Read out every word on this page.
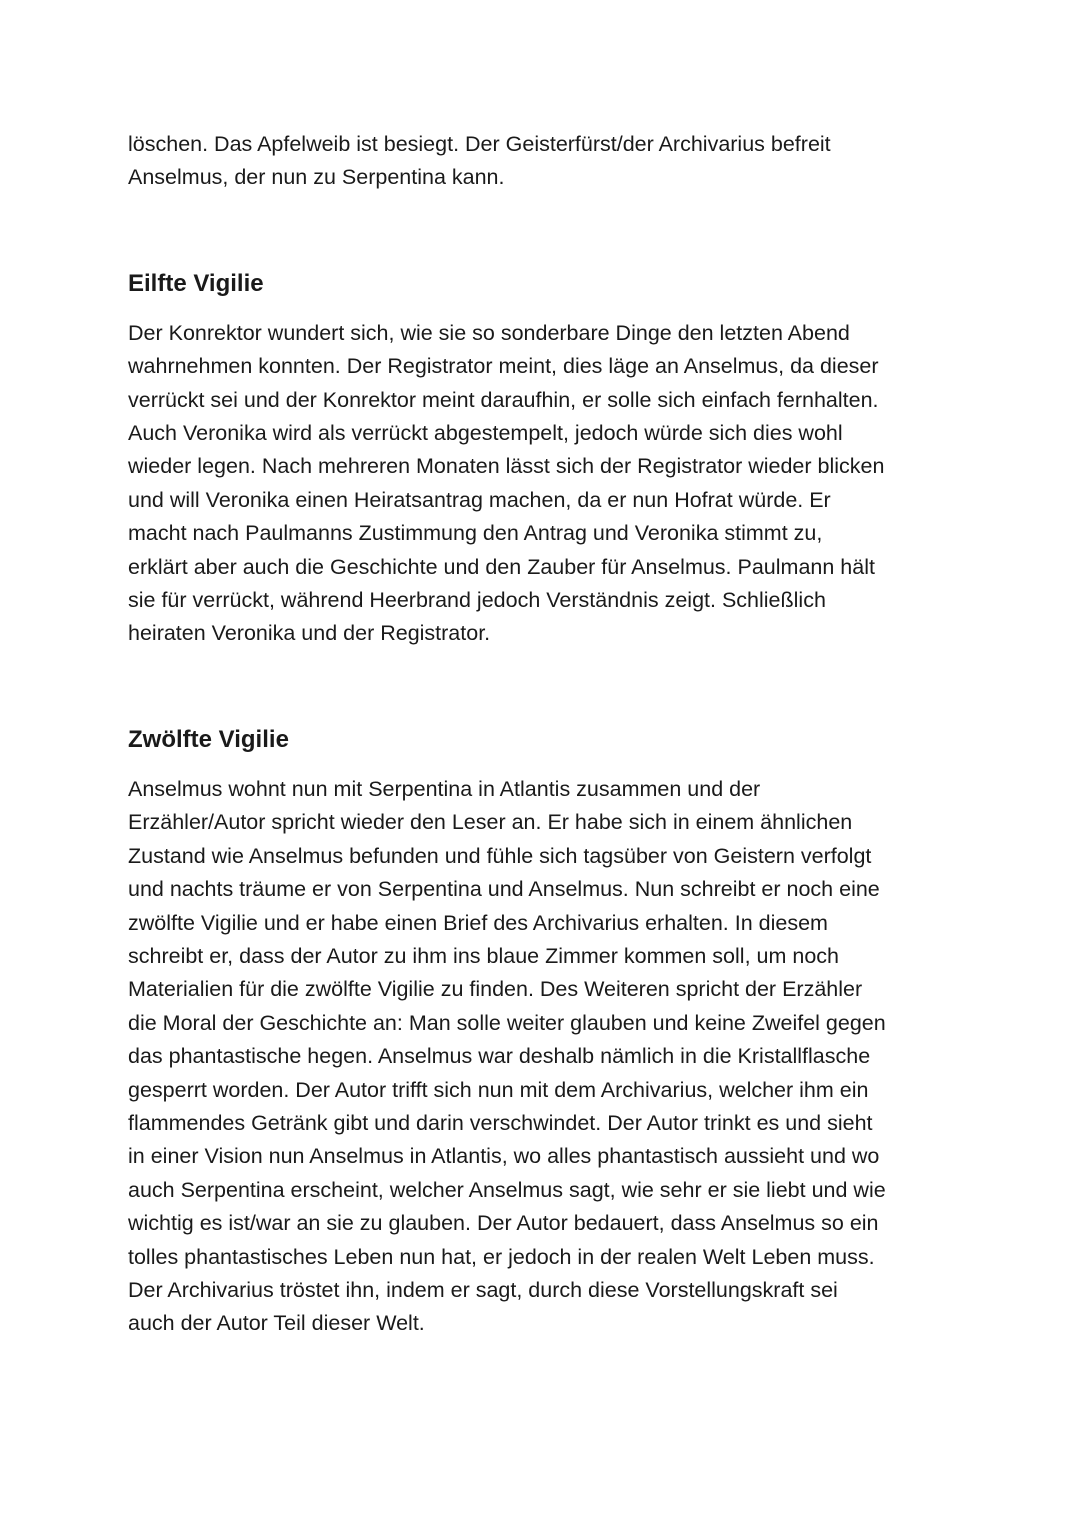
löschen. Das Apfelweib ist besiegt. Der Geisterfürst/der Archivarius befreit
Anselmus, der nun zu Serpentina kann.

Eilfte Vigilie

Der Konrektor wundert sich, wie sie so sonderbare Dinge den letzten Abend
wahrnehmen konnten. Der Registrator meint, dies läge an Anselmus, da dieser
verrückt sei und der Konrektor meint daraufhin, er solle sich einfach fernhalten.
Auch Veronika wird als verrückt abgestempelt, jedoch würde sich dies wohl
wieder legen. Nach mehreren Monaten lässt sich der Registrator wieder blicken
und will Veronika einen Heiratsantrag machen, da er nun Hofrat würde. Er
macht nach Paulmanns Zustimmung den Antrag und Veronika stimmt zu,
erklärt aber auch die Geschichte und den Zauber für Anselmus. Paulmann hält
sie für verrückt, während Heerbrand jedoch Verständnis zeigt. Schließlich
heiraten Veronika und der Registrator.

Zwölfte Vigilie

Anselmus wohnt nun mit Serpentina in Atlantis zusammen und der
Erzähler/Autor spricht wieder den Leser an. Er habe sich in einem ähnlichen
Zustand wie Anselmus befunden und fühle sich tagsüber von Geistern verfolgt
und nachts träume er von Serpentina und Anselmus. Nun schreibt er noch eine
zwölfte Vigilie und er habe einen Brief des Archivarius erhalten. In diesem
schreibt er, dass der Autor zu ihm ins blaue Zimmer kommen soll, um noch
Materialien für die zwölfte Vigilie zu finden. Des Weiteren spricht der Erzähler
die Moral der Geschichte an: Man solle weiter glauben und keine Zweifel gegen
das phantastische hegen. Anselmus war deshalb nämlich in die Kristallflasche
gesperrt worden. Der Autor trifft sich nun mit dem Archivarius, welcher ihm ein
flammendes Getränk gibt und darin verschwindet. Der Autor trinkt es und sieht
in einer Vision nun Anselmus in Atlantis, wo alles phantastisch aussieht und wo
auch Serpentina erscheint, welcher Anselmus sagt, wie sehr er sie liebt und wie
wichtig es ist/war an sie zu glauben. Der Autor bedauert, dass Anselmus so ein
tolles phantastisches Leben nun hat, er jedoch in der realen Welt Leben muss.
Der Archivarius tröstet ihn, indem er sagt, durch diese Vorstellungskraft sei
auch der Autor Teil dieser Welt.
